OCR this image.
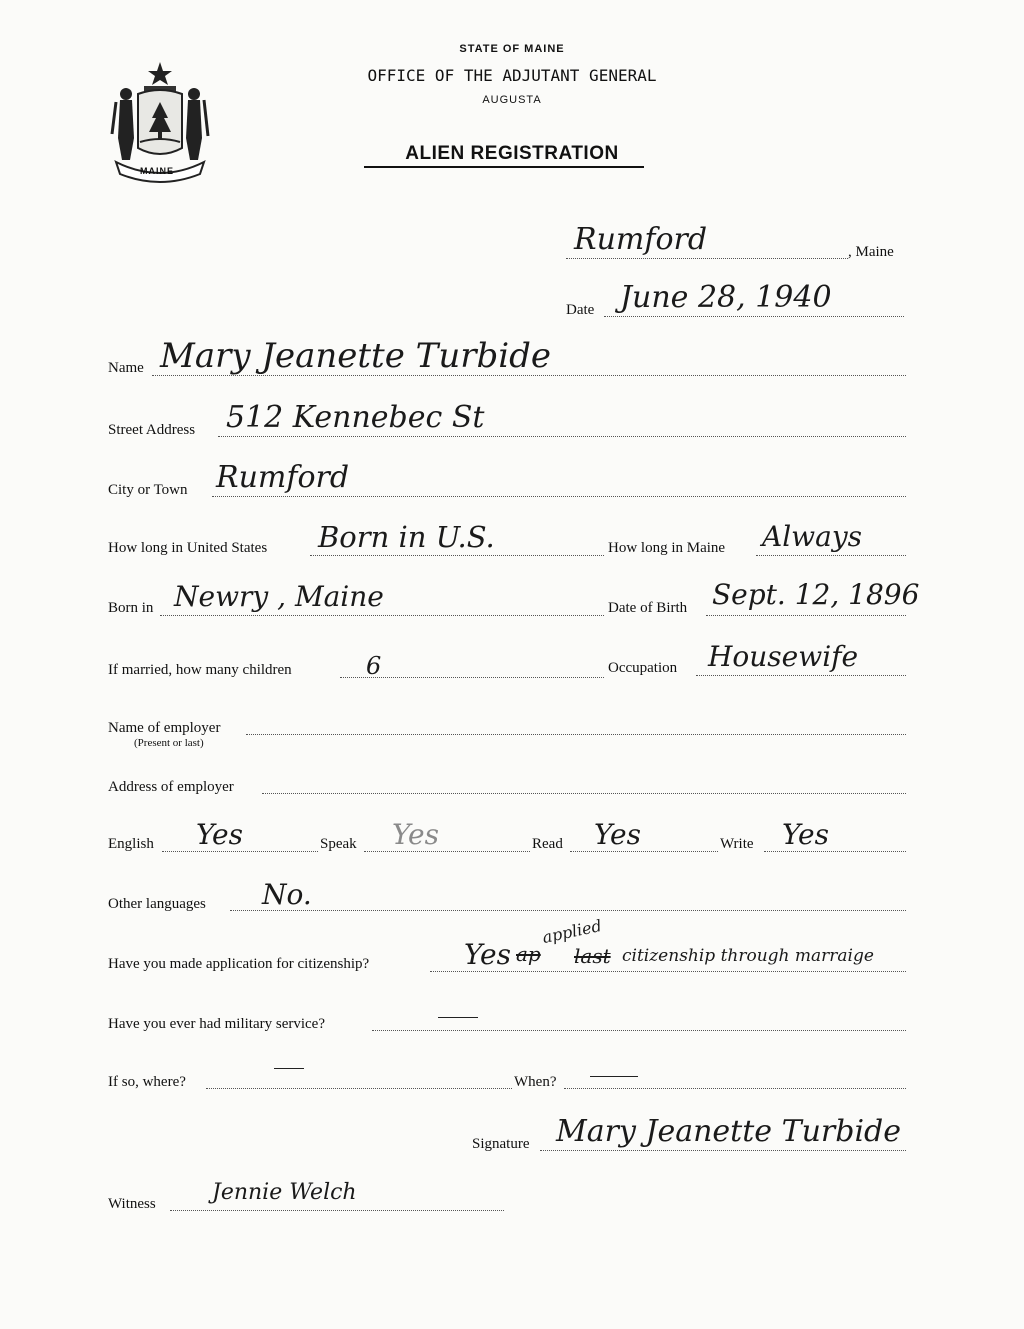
MAINE
STATE OF MAINE
OFFICE OF THE ADJUTANT GENERAL
AUGUSTA
ALIEN REGISTRATION
Rumford	, Maine
Date June 28, 1940
Name Mary Jeanette Turbide
Street Address 512 Kennebec St
City or Town Rumford
How long in United States Born in U.S.	How long in Maine Always
Born in Newry , Maine	Date of Birth Sept. 12, 1896
If married, how many children	6	Occupation Housewife
Name of employer
(Present or last)
Address of employer
English Yes	Speak Yes	Read Yes	Write Yes
Other languages No.
Have you made application for citizenship?	Yes
applied
ap last citizenship through marraige
Have you ever had military service?
If so, where?	When?
Signature Mary Jeanette Turbide
Witness	Jennie Welch
